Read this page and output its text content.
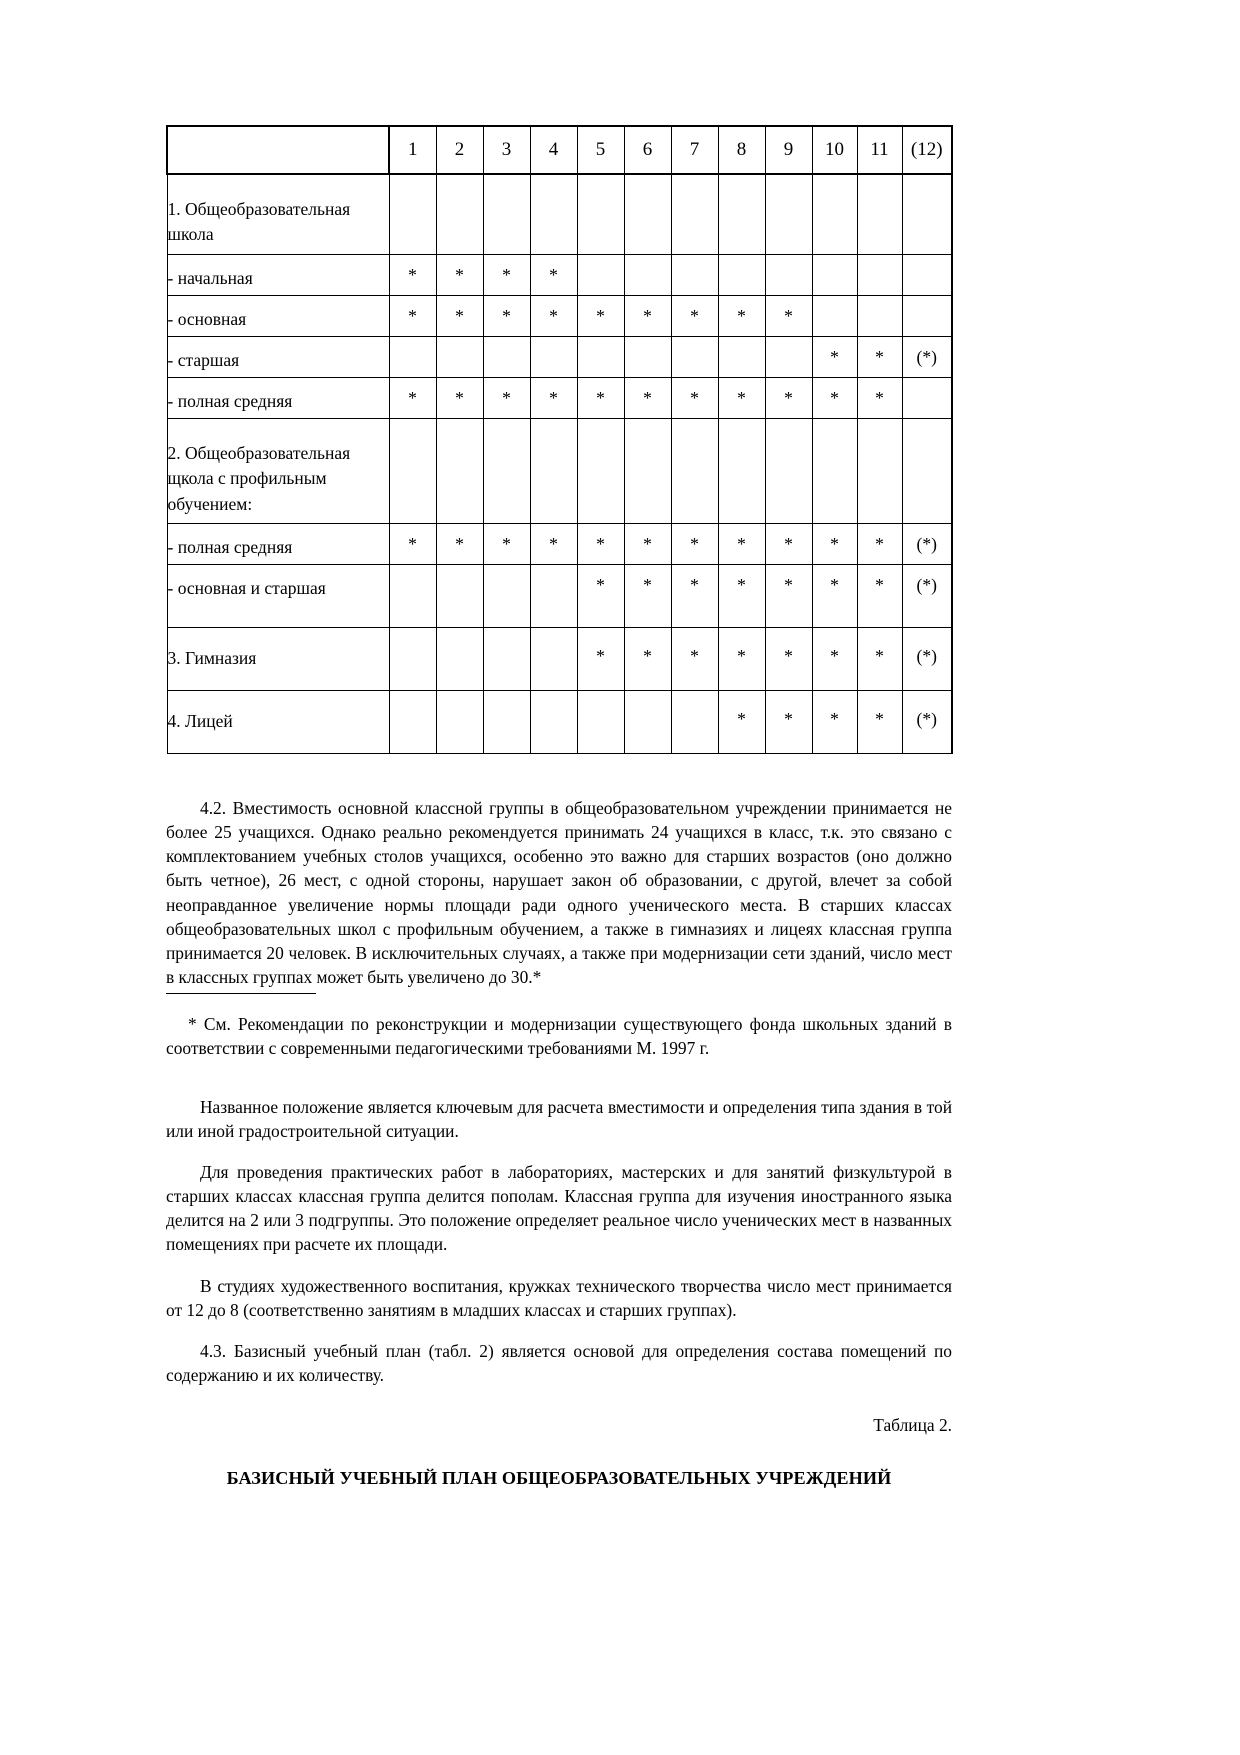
	1	2	3	4	5	6	7	8	9	10	11	(12)

1. Общеобразовательная школа												

- начальная	*	*	*	*								

- основная	*	*	*	*	*	*	*	*	*			

- старшая										*	*	(*)

- полная средняя	*	*	*	*	*	*	*	*	*	*	*	

2. Общеобразовательная щкола с профильным обучением:												

- полная средняя	*	*	*	*	*	*	*	*	*	*	*	(*)

- основная и старшая					*	*	*	*	*	*	*	(*)

3. Гимназия					*	*	*	*	*	*	*	(*)

4. Лицей								*	*	*	*	(*)

4.2. Вместимость основной классной группы в общеобразовательном учреждении принимается не более 25 учащихся. Однако реально рекомендуется принимать 24 учащихся в класс, т.к. это связано с комплектованием учебных столов учащихся, особенно это важно для старших возрастов (оно должно быть четное), 26 мест, с одной стороны, нарушает закон об образовании, с другой, влечет за собой неоправданное увеличение нормы площади ради одного ученического места. В старших классах общеобразовательных школ с профильным обучением, а также в гимназиях и лицеях классная группа принимается 20 человек. В исключительных случаях, а также при модернизации сети зданий, число мест в классных группах может быть увеличено до 30.*

* См. Рекомендации по реконструкции и модернизации существующего фонда школьных зданий в соответствии с современными педагогическими требованиями М. 1997 г.

Названное положение является ключевым для расчета вместимости и определения типа здания в той или иной градостроительной ситуации.

Для проведения практических работ в лабораториях, мастерских и для занятий физкультурой в старших классах классная группа делится пополам. Классная группа для изучения иностранного языка делится на 2 или 3 подгруппы. Это положение определяет реальное число ученических мест в названных помещениях при расчете их площади.

В студиях художественного воспитания, кружках технического творчества число мест принимается от 12 до 8 (соответственно занятиям в младших классах и старших группах).

4.3. Базисный учебный план (табл. 2) является основой для определения состава помещений по содержанию и их количеству.

Таблица 2.
БАЗИСНЫЙ УЧЕБНЫЙ ПЛАН ОБЩЕОБРАЗОВАТЕЛЬНЫХ УЧРЕЖДЕНИЙ
